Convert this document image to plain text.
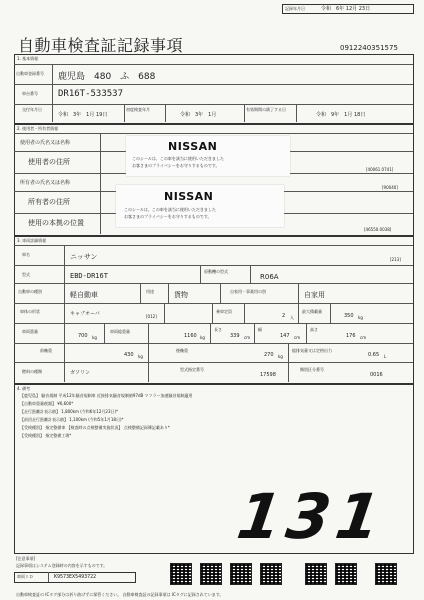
記録年月日	令和　6年 12月 23日
自動車検査証記録事項	0912240351575
1. 基本情報
自動車登録番号 鹿児島　480　ふ　688
車台番号 DR16T-533537
交付年月日
令和　3年　1月 19日
初度検査年月
令和　3年　1月
有効期間の満了する日
令和　9年　1月 18日
2. 使用者・所有者情報
使用者の氏名又は名称
使用者の住所
所有者の氏名又は名称
所有者の住所
使用の本拠の位置
[40061 0741]
[90040]
[46550.0038]
NISSAN
このシールは、この車を該当に使用いただきました
お客さまのプライバシーをお守りするものです。
NISSAN
このシールは、この車を該当に使用いただきました
お客さまのプライバシーをお守りするものです。
3. 車両詳細情報
車名	ニッサン	[213]
型式	EBD-DR16T
原動機の型式
R06A
自動車の種別	軽自動車	用途	貨物	自家用・事業用の別	自家用
車体の形状	キャブオーバ	[012]
乗車定員
2 人
最大積載量
350 kg
車両重量
700 kg
車両総重量
1160 kg
長さ
339 cm
幅
147 cm
高さ
176 cm
前軸重
430 kg
後軸重
270 kg
総排気量又は定格出力
0.65 L
燃料の種類	ガソリン
型式指定番号
17598
類別区分番号
0016
4. 備考
【鹿児島】 騒音規制 平成12年騒音規制車 近接排気騒音規制値97dB マフラー加速騒音規制適用
【自動車重量税額】 ¥6,600*
【走行距離計表示値】 1,800km (令和6年12月23日)*
【前回走行距離計表示値】 1,100km (令和5年1月18日)*
【受検種別】 指定整備車 【検査時の点検整備実施状況】 点検整備記録簿記載あり*
【受検種別】 指定整備工場*
131
[注意事項]
記録事項はシステム登録時の内容を示すものです。
車両ＩＤ	K9573EX5493722
自動車検査証の ICタグ部分は折り曲げずに保管ください。 自動車検査証の記録事項は ICタグに記録されています。
